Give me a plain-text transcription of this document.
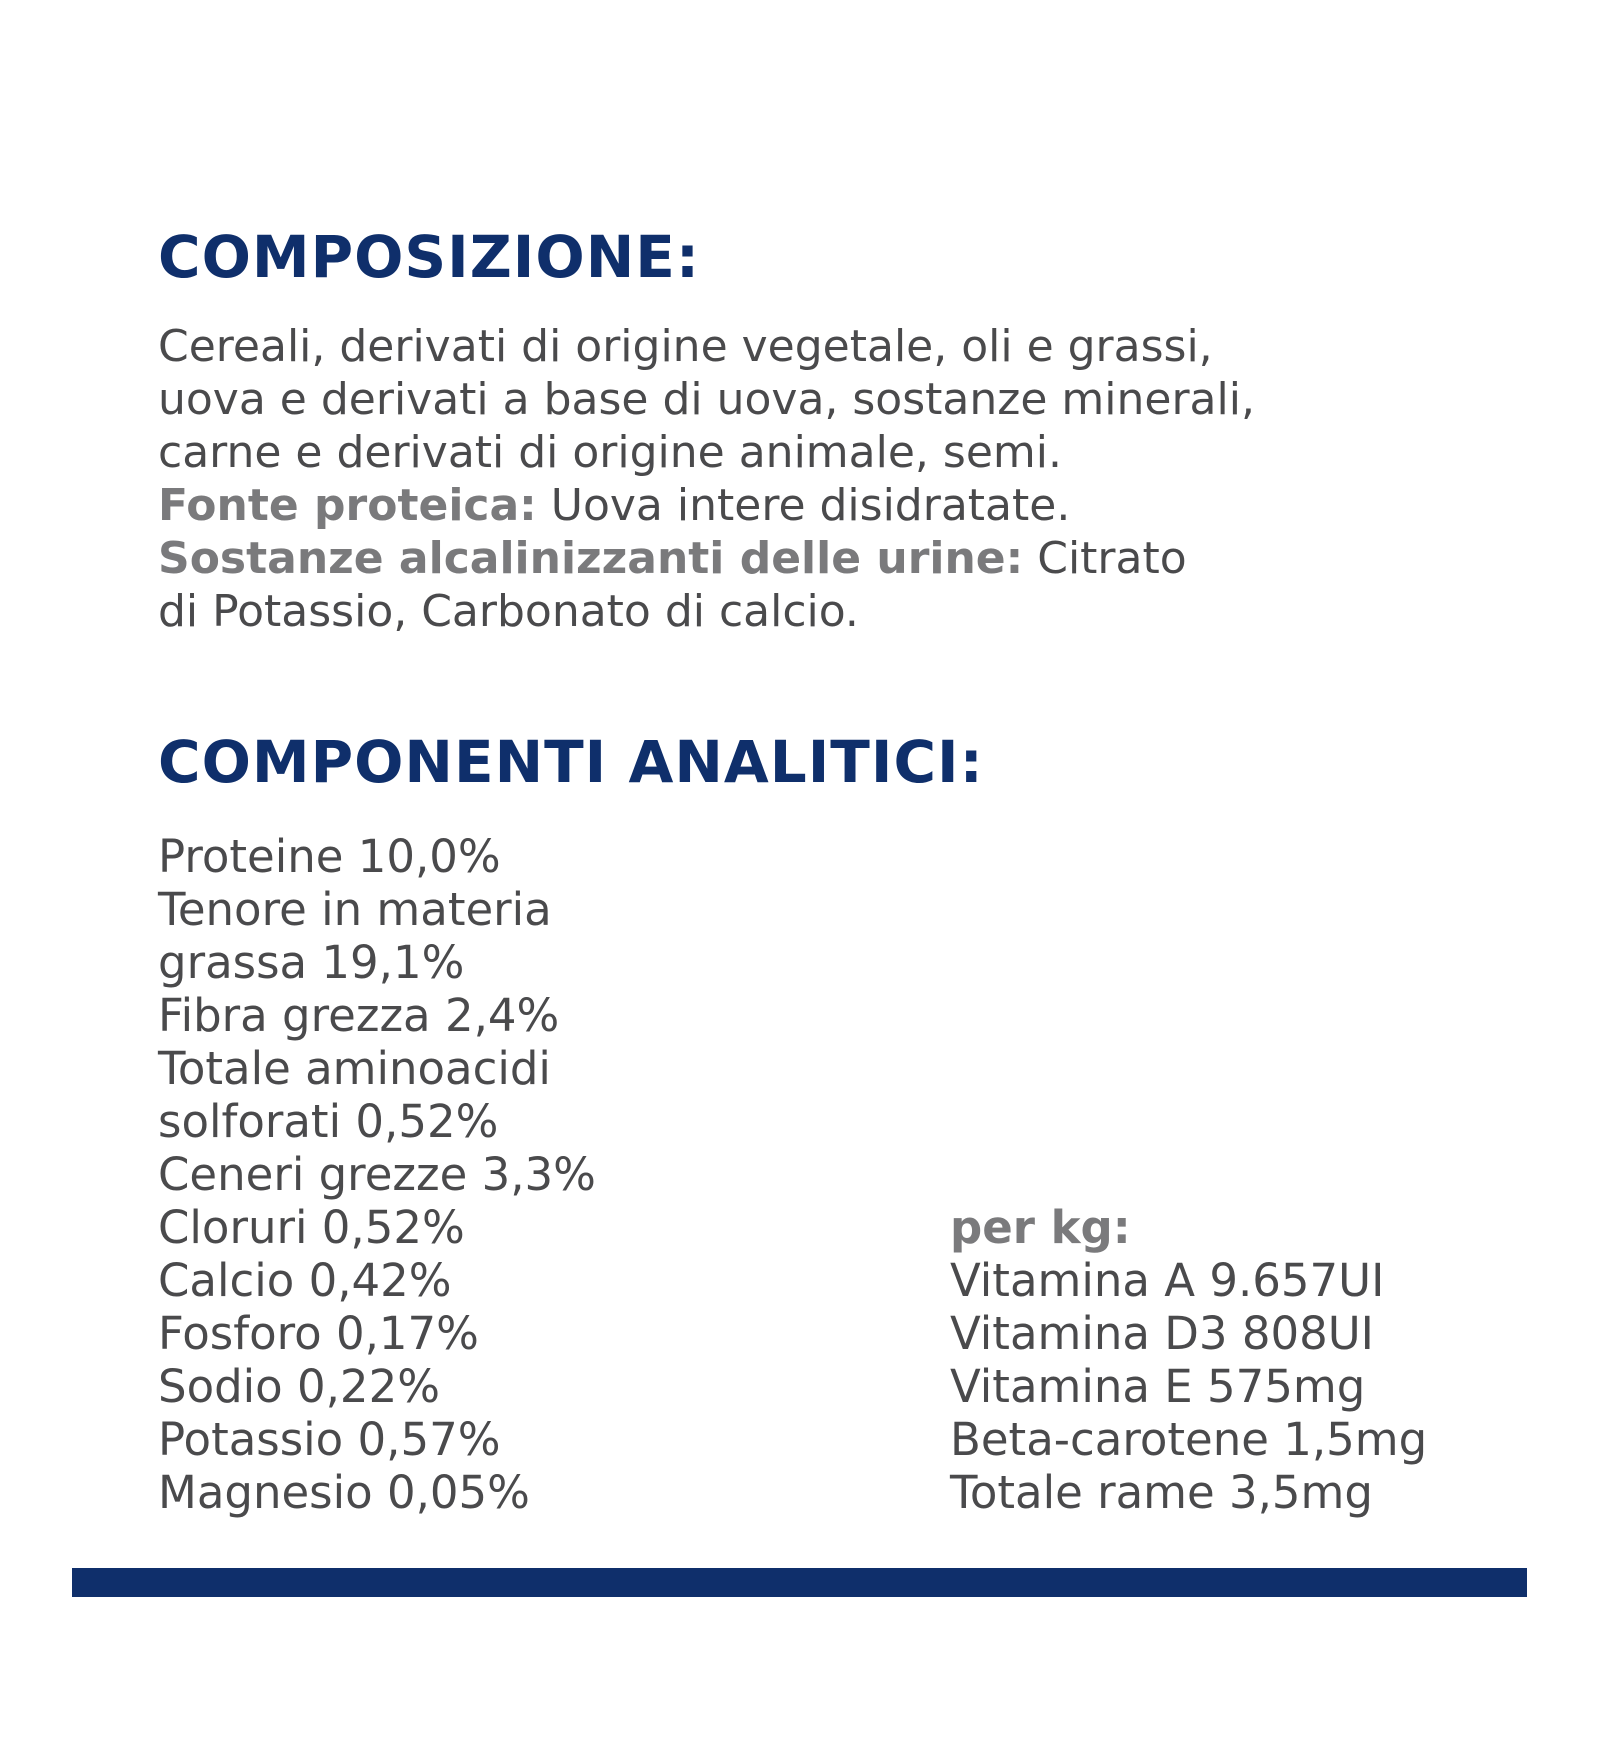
COMPOSIZIONE:
Cereali, derivati di origine vegetale, oli e grassi,
uova e derivati a base di uova, sostanze minerali,
carne e derivati di origine animale, semi.
Fonte proteica: Uova intere disidratate.
Sostanze alcalinizzanti delle urine: Citrato
di Potassio, Carbonato di calcio.
COMPONENTI ANALITICI:
Proteine 10,0%
Tenore in materia
grassa 19,1%
Fibra grezza 2,4%
Totale aminoacidi
solforati 0,52%
Ceneri grezze 3,3%
Cloruri 0,52%
Calcio 0,42%
Fosforo 0,17%
Sodio 0,22%
Potassio 0,57%
Magnesio 0,05%
per kg:
Vitamina A 9.657UI
Vitamina D3 808UI
Vitamina E 575mg
Beta-carotene 1,5mg
Totale rame 3,5mg
